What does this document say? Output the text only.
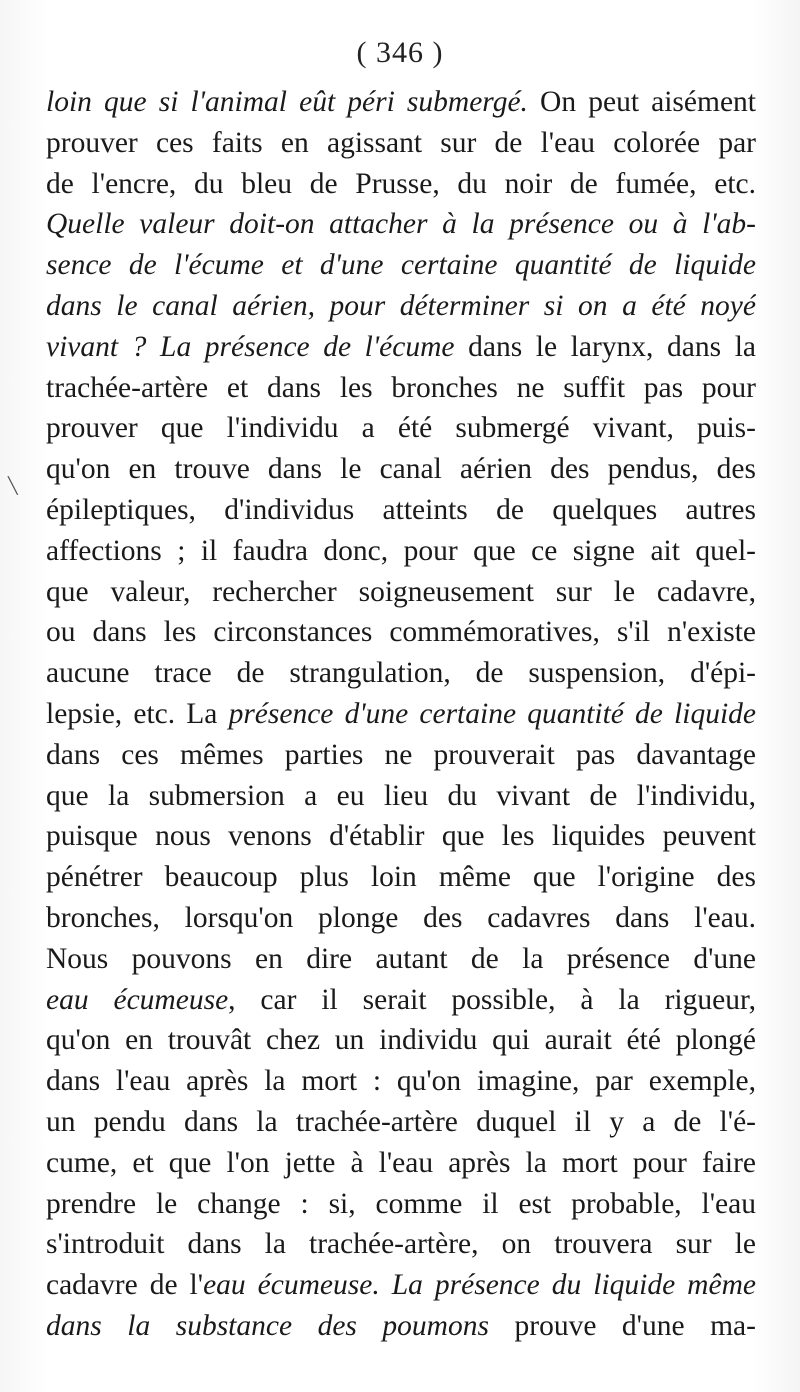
( 346 )
╲
loin que si l'animal eût péri submergé. On peut aisément
prouver ces faits en agissant sur de l'eau colorée par
de l'encre, du bleu de Prusse, du noir de fumée, etc.
Quelle valeur doit-on attacher à la présence ou à l'ab-
sence de l'écume et d'une certaine quantité de liquide
dans le canal aérien, pour déterminer si on a été noyé
vivant ? La présence de l'écume dans le larynx, dans la
trachée-artère et dans les bronches ne suffit pas pour
prouver que l'individu a été submergé vivant, puis-
qu'on en trouve dans le canal aérien des pendus, des
épileptiques, d'individus atteints de quelques autres
affections ; il faudra donc, pour que ce signe ait quel-
que valeur, rechercher soigneusement sur le cadavre,
ou dans les circonstances commémoratives, s'il n'existe
aucune trace de strangulation, de suspension, d'épi-
lepsie, etc. La présence d'une certaine quantité de liquide
dans ces mêmes parties ne prouverait pas davantage
que la submersion a eu lieu du vivant de l'individu,
puisque nous venons d'établir que les liquides peuvent
pénétrer beaucoup plus loin même que l'origine des
bronches, lorsqu'on plonge des cadavres dans l'eau.
Nous pouvons en dire autant de la présence d'une
eau écumeuse, car il serait possible, à la rigueur,
qu'on en trouvât chez un individu qui aurait été plongé
dans l'eau après la mort : qu'on imagine, par exemple,
un pendu dans la trachée-artère duquel il y a de l'é-
cume, et que l'on jette à l'eau après la mort pour faire
prendre le change : si, comme il est probable, l'eau
s'introduit dans la trachée-artère, on trouvera sur le
cadavre de l'eau écumeuse. La présence du liquide même
dans la substance des poumons prouve d'une ma-
